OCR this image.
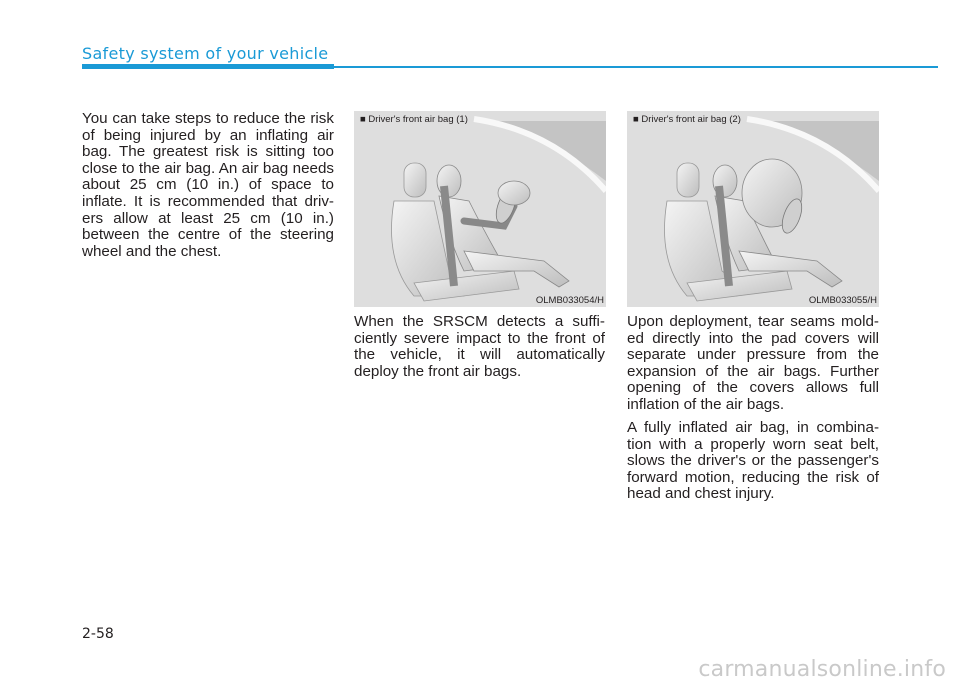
Safety system of your vehicle

You can take steps to reduce the risk of being injured by an inflating air bag. The greatest risk is sitting too close to the air bag. An air bag needs about 25 cm (10 in.) of space to inflate. It is recommended that driv-ers allow at least 25 cm (10 in.) between the centre of the steering wheel and the chest.

■ Driver's front air bag (1)
OLMB033054/H
■ Driver's front air bag (2)
OLMB033055/H

When the SRSCM detects a suffi-ciently severe impact to the front of the vehicle, it will automatically deploy the front air bags.

Upon deployment, tear seams mold-ed directly into the pad covers will separate under pressure from the expansion of the air bags. Further opening of the covers allows full inflation of the air bags.

A fully inflated air bag, in combina-tion with a properly worn seat belt, slows the driver's or the passenger's forward motion, reducing the risk of head and chest injury.

2-58
carmanualsonline.info
